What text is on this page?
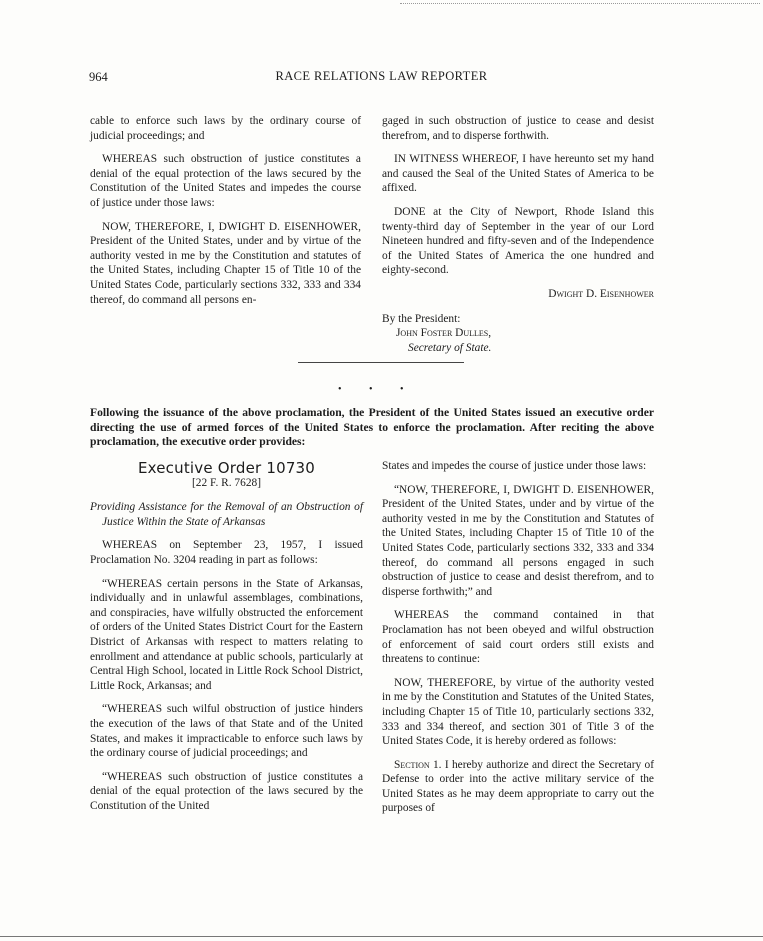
964	RACE RELATIONS LAW REPORTER

cable to enforce such laws by the ordinary course of judicial proceedings; and

WHEREAS such obstruction of justice constitutes a denial of the equal protection of the laws secured by the Constitution of the United States and impedes the course of justice under those laws:

NOW, THEREFORE, I, DWIGHT D. EISENHOWER, President of the United States, under and by virtue of the authority vested in me by the Constitution and statutes of the United States, including Chapter 15 of Title 10 of the United States Code, particularly sections 332, 333 and 334 thereof, do command all persons en-

gaged in such obstruction of justice to cease and desist therefrom, and to disperse forthwith.

IN WITNESS WHEREOF, I have hereunto set my hand and caused the Seal of the United States of America to be affixed.

DONE at the City of Newport, Rhode Island this twenty-third day of September in the year of our Lord Nineteen hundred and fifty-seven and of the Independence of the United States of America the one hundred and eighty-second.

Dwight D. Eisenhower
By the President:
John Foster Dulles,
Secretary of State.
•	•	•
Following the issuance of the above proclamation, the President of the United States issued an executive order directing the use of armed forces of the United States to enforce the proclamation. After reciting the above proclamation, the executive order provides:
Executive Order 10730
[22 F. R. 7628]

Providing Assistance for the Removal of an Obstruction of Justice Within the State of Arkansas

WHEREAS on September 23, 1957, I issued Proclamation No. 3204 reading in part as follows:

“WHEREAS certain persons in the State of Arkansas, individually and in unlawful assemblages, combinations, and conspiracies, have wilfully obstructed the enforcement of orders of the United States District Court for the Eastern District of Arkansas with respect to matters relating to enrollment and attendance at public schools, particularly at Central High School, located in Little Rock School District, Little Rock, Arkansas; and

“WHEREAS such wilful obstruction of justice hinders the execution of the laws of that State and of the United States, and makes it impracticable to enforce such laws by the ordinary course of judicial proceedings; and

“WHEREAS such obstruction of justice constitutes a denial of the equal protection of the laws secured by the Constitution of the United

States and impedes the course of justice under those laws:

“NOW, THEREFORE, I, DWIGHT D. EISENHOWER, President of the United States, under and by virtue of the authority vested in me by the Constitution and Statutes of the United States, including Chapter 15 of Title 10 of the United States Code, particularly sections 332, 333 and 334 thereof, do command all persons engaged in such obstruction of justice to cease and desist therefrom, and to disperse forthwith;” and

WHEREAS the command contained in that Proclamation has not been obeyed and wilful obstruction of enforcement of said court orders still exists and threatens to continue:

NOW, THEREFORE, by virtue of the authority vested in me by the Constitution and Statutes of the United States, including Chapter 15 of Title 10, particularly sections 332, 333 and 334 thereof, and section 301 of Title 3 of the United States Code, it is hereby ordered as follows:

Section 1. I hereby authorize and direct the Secretary of Defense to order into the active military service of the United States as he may deem appropriate to carry out the purposes of
